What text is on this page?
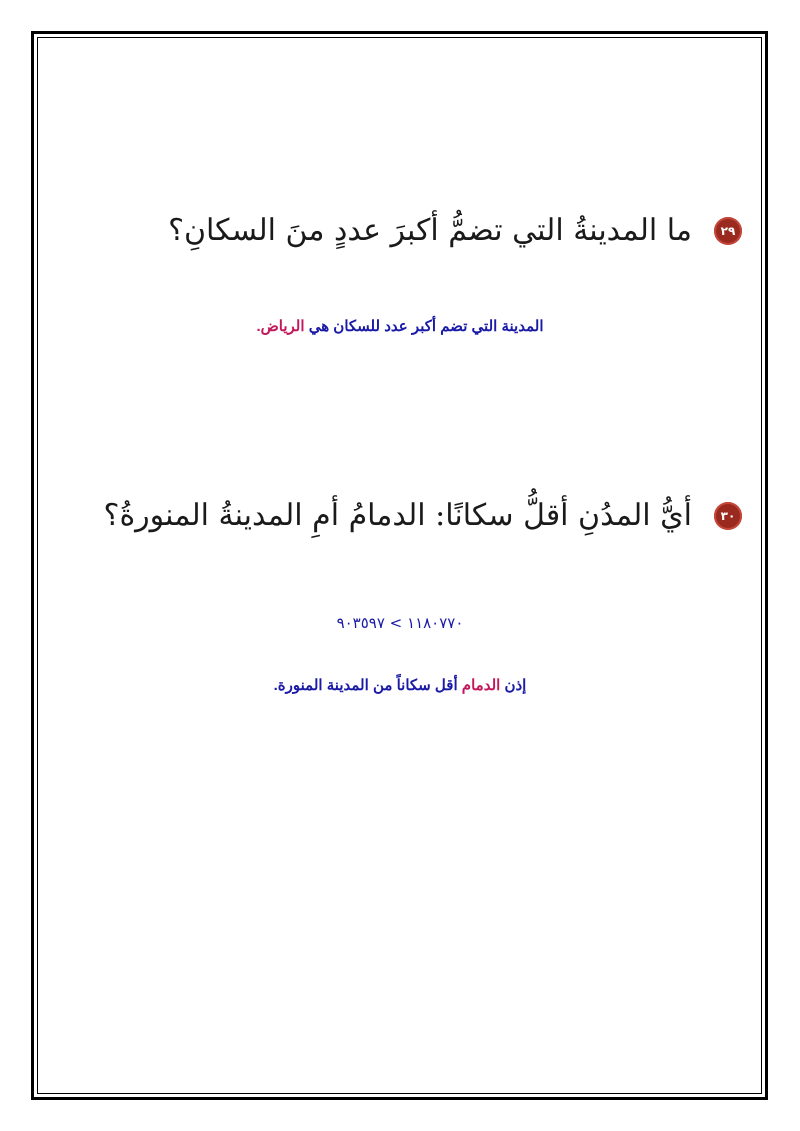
٢٩
ما المدينةُ التي تضمُّ أكبرَ عددٍ منَ السكانِ؟
المدينة التي تضم أكبر عدد للسكان هي الرياض.
٣٠
أيُّ المدُنِ أقلُّ سكانًا: الدمامُ أمِ المدينةُ المنورةُ؟
١١٨٠٧٧٠ > ٩٠٣٥٩٧
إذن الدمام أقل سكاناً من المدينة المنورة.
